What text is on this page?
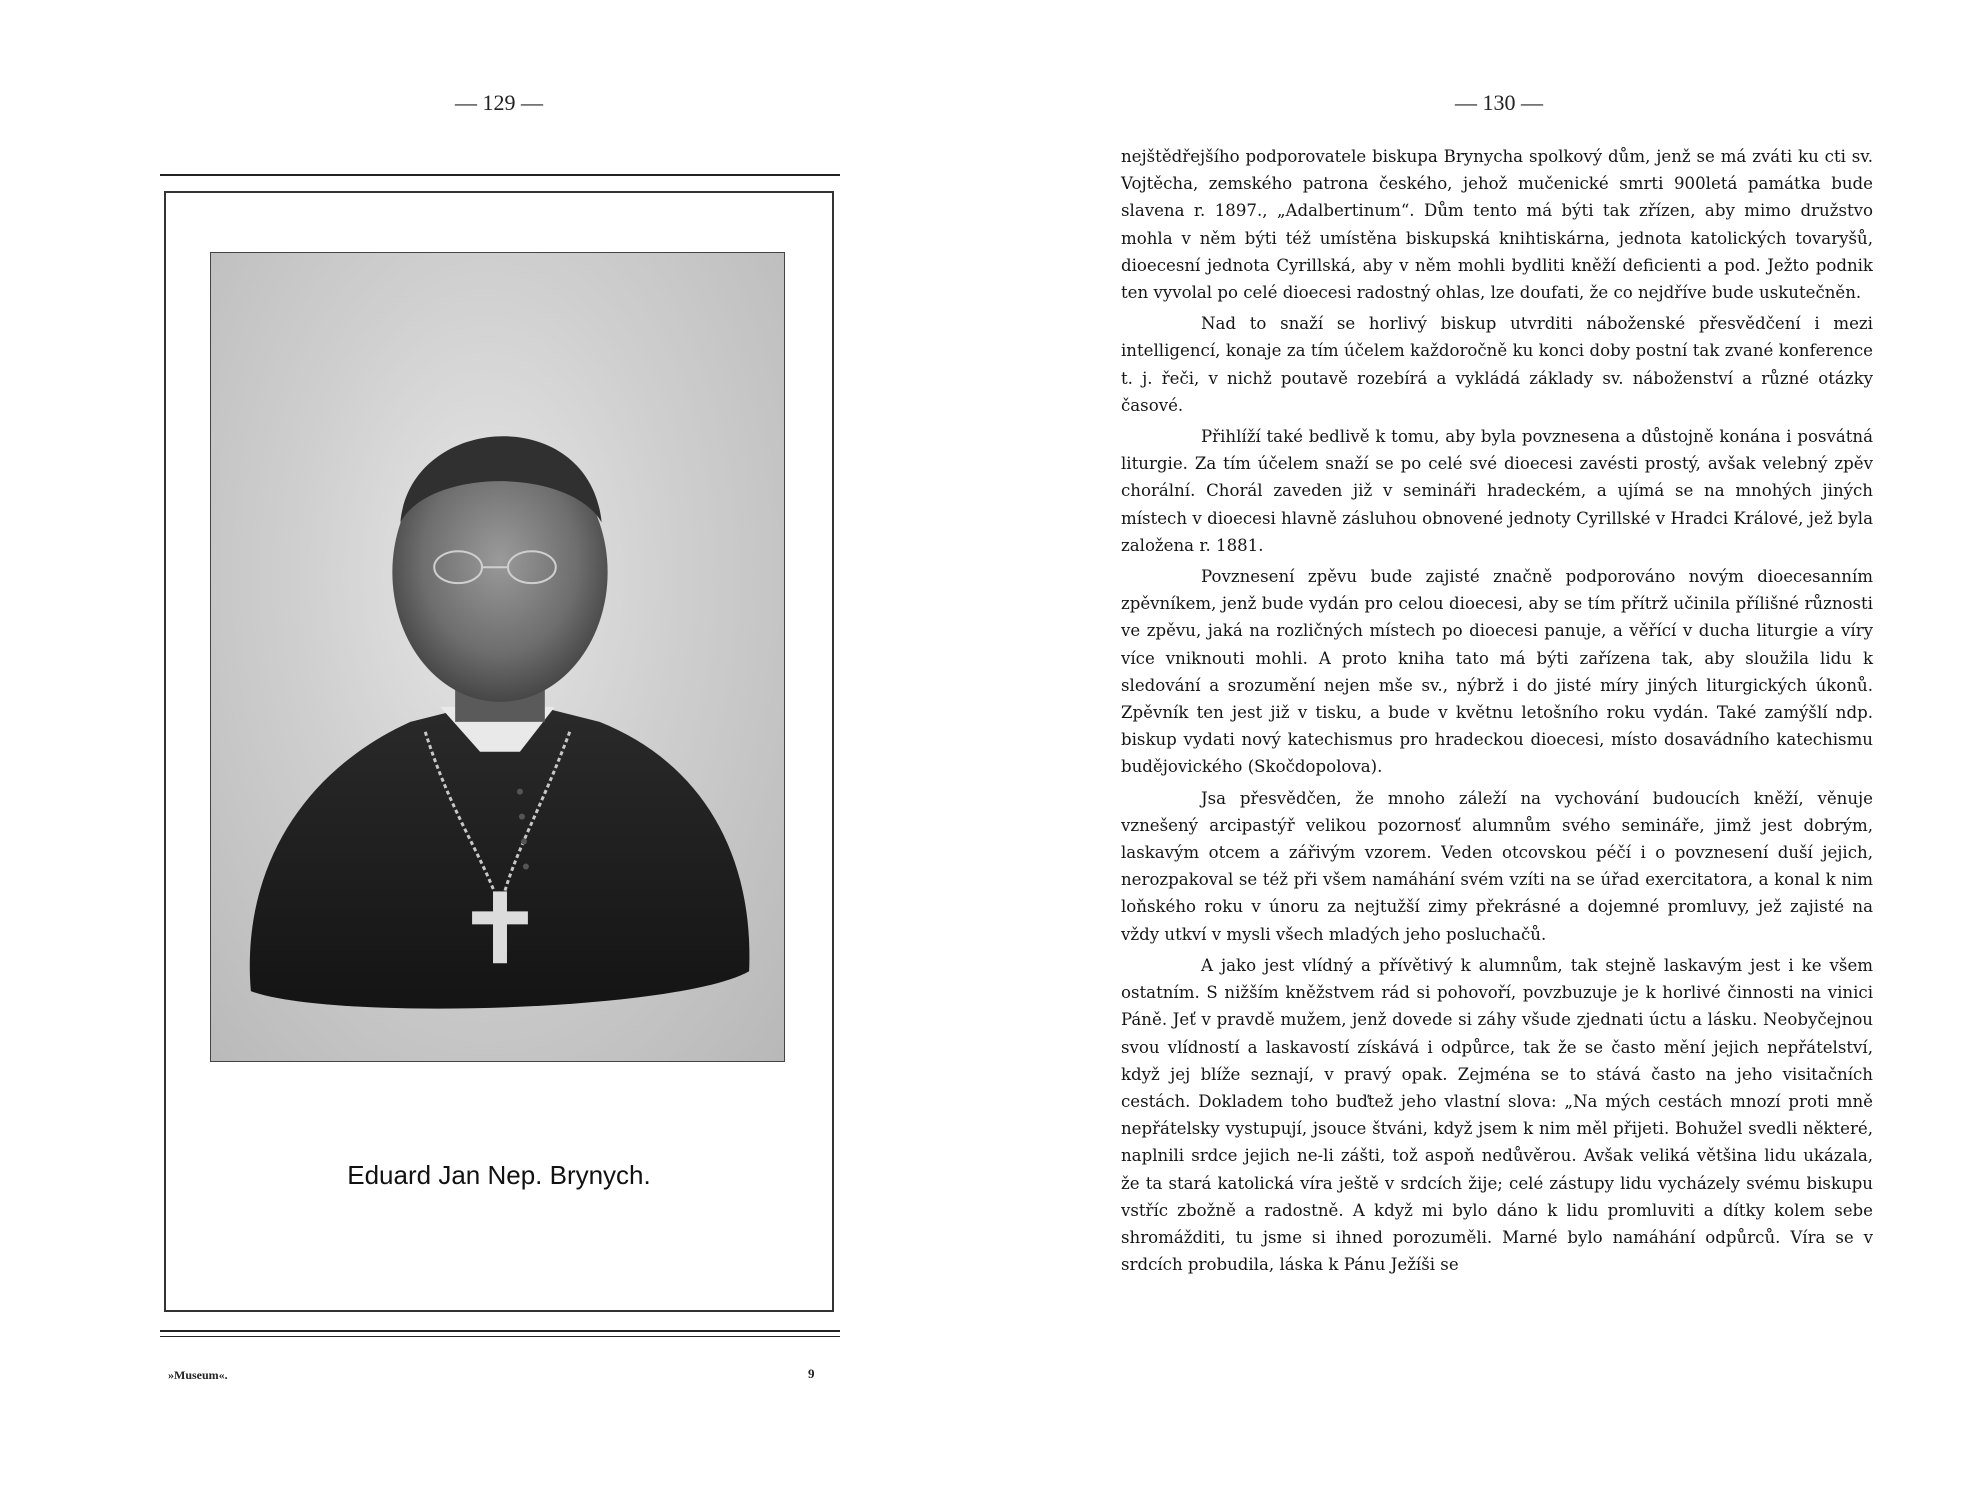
— 129 —
Eduard Jan Nep. Brynych.
»Museum«.	9
— 130 —

nejštědřejšího podporovatele biskupa Brynycha spolkový dům, jenž se má zváti ku cti sv. Vojtěcha, zemského patrona českého, jehož mučenické smrti 900letá památka bude slavena r. 1897., „Adalbertinum“. Dům tento má býti tak zřízen, aby mimo družstvo mohla v něm býti též umístěna biskupská knihtiskárna, jednota katolických tovaryšů, dioecesní jednota Cyrillská, aby v něm mohli bydliti kněží deficienti a pod. Ježto podnik ten vyvolal po celé dioecesi radostný ohlas, lze doufati, že co nejdříve bude uskutečněn.

Nad to snaží se horlivý biskup utvrditi náboženské přesvědčení i mezi intelligencí, konaje za tím účelem každoročně ku konci doby postní tak zvané konference t. j. řeči, v nichž poutavě rozebírá a vykládá základy sv. náboženství a různé otázky časové.

Přihlíží také bedlivě k tomu, aby byla povznesena a důstojně konána i posvátná liturgie. Za tím účelem snaží se po celé své dioecesi zavésti prostý, avšak velebný zpěv chorální. Chorál zaveden již v semináři hradeckém, a ujímá se na mnohých jiných místech v dioecesi hlavně zásluhou obnovené jednoty Cyrillské v Hradci Králové, jež byla založena r. 1881.

Povznesení zpěvu bude zajisté značně podporováno novým dioecesanním zpěvníkem, jenž bude vydán pro celou dioecesi, aby se tím přítrž učinila přílišné různosti ve zpěvu, jaká na rozličných místech po dioecesi panuje, a věřící v ducha liturgie a víry více vniknouti mohli. A proto kniha tato má býti zařízena tak, aby sloužila lidu k sledování a srozumění nejen mše sv., nýbrž i do jisté míry jiných liturgických úkonů. Zpěvník ten jest již v tisku, a bude v květnu letošního roku vydán. Také zamýšlí ndp. biskup vydati nový katechismus pro hradeckou dioecesi, místo dosavádního katechismu budějovického (Skočdopolova).

Jsa přesvědčen, že mnoho záleží na vychování budoucích kněží, věnuje vznešený arcipastýř velikou pozornosť alumnům svého semináře, jimž jest dobrým, laskavým otcem a zářivým vzorem. Veden otcovskou péčí i o povznesení duší jejich, nerozpakoval se též při všem namáhání svém vzíti na se úřad exercitatora, a konal k nim loňského roku v únoru za nejtužší zimy překrásné a dojemné promluvy, jež zajisté na vždy utkví v mysli všech mladých jeho posluchačů.

A jako jest vlídný a přívětivý k alumnům, tak stejně laskavým jest i ke všem ostatním. S nižším kněžstvem rád si pohovoří, povzbuzuje je k horlivé činnosti na vinici Páně. Jeť v pravdě mužem, jenž dovede si záhy všude zjednati úctu a lásku. Neobyčejnou svou vlídností a laskavostí získává i odpůrce, tak že se často mění jejich nepřátelství, když jej blíže seznají, v pravý opak. Zejména se to stává často na jeho visitačních cestách. Dokladem toho buďtež jeho vlastní slova: „Na mých cestách mnozí proti mně nepřátelsky vystupují, jsouce štváni, když jsem k nim měl přijeti. Bohužel svedli některé, naplnili srdce jejich ne-li zášti, tož aspoň nedůvěrou. Avšak veliká většina lidu ukázala, že ta stará katolická víra ještě v srdcích žije; celé zástupy lidu vycházely svému biskupu vstříc zbožně a radostně. A když mi bylo dáno k lidu promluviti a dítky kolem sebe shromážditi, tu jsme si ihned porozuměli. Marné bylo namáhání odpůrců. Víra se v srdcích probudila, láska k Pánu Ježíši se
